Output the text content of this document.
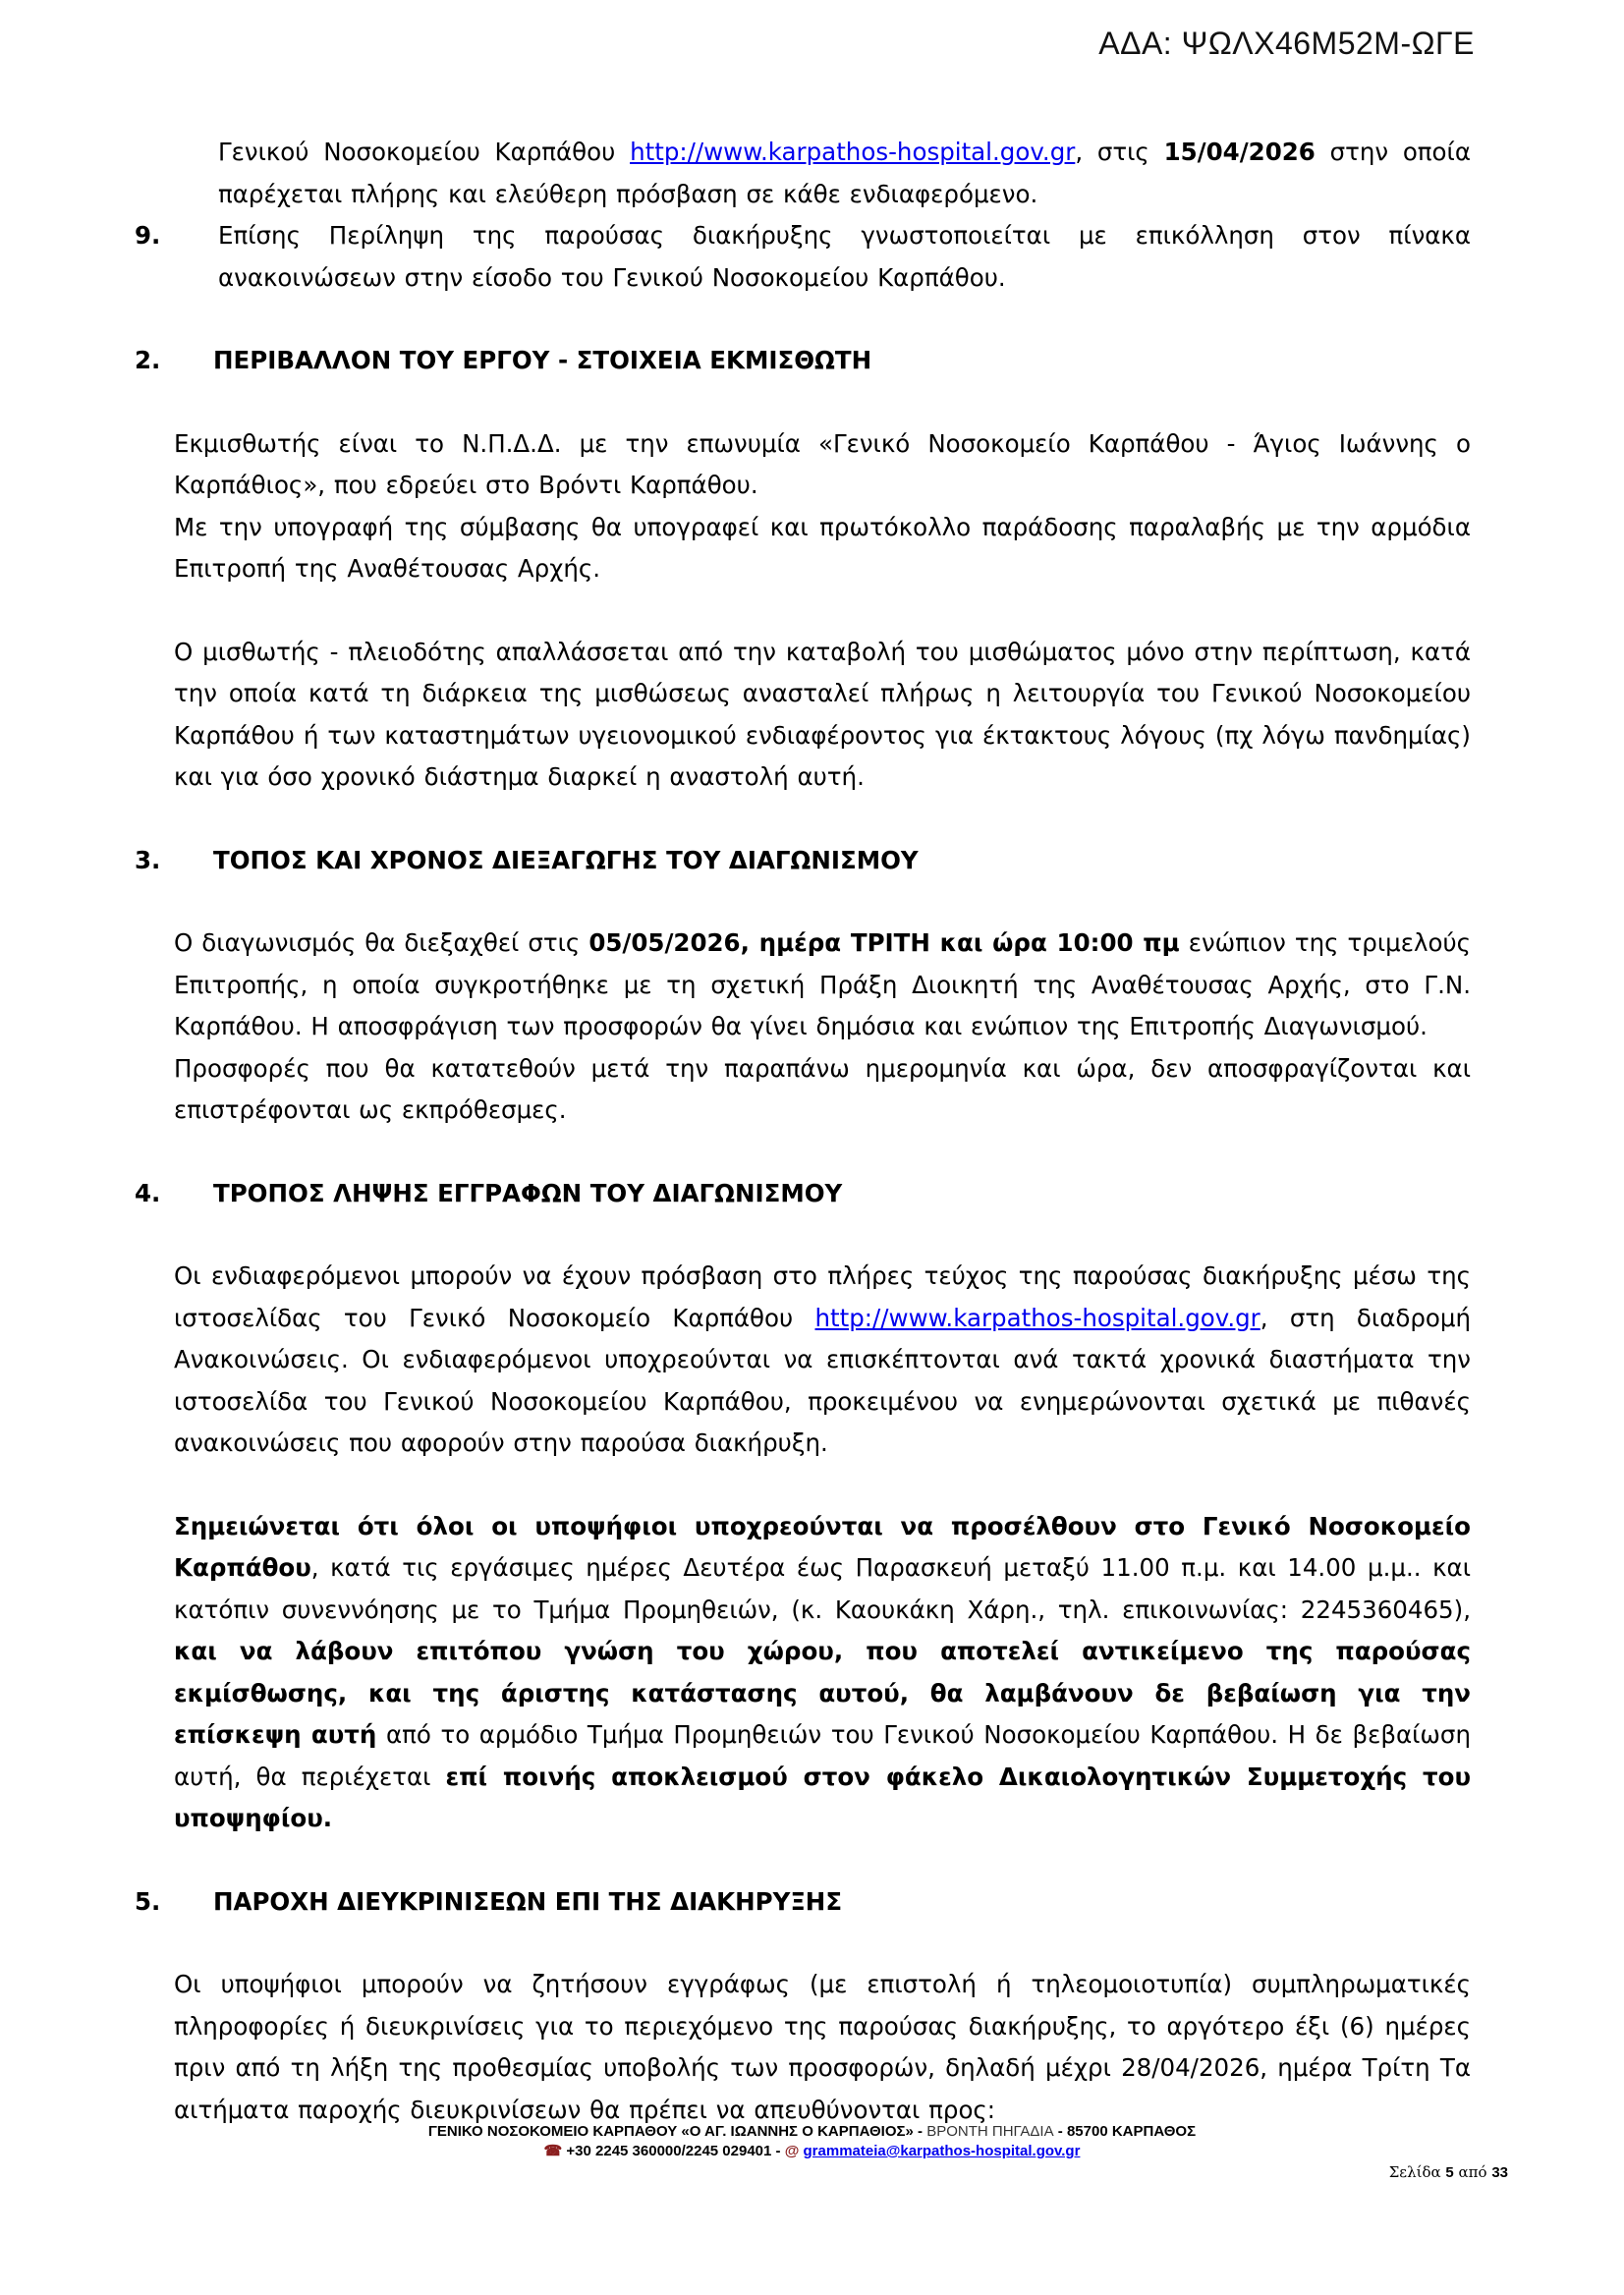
ΑΔΑ: ΨΩΛΧ46Μ52Μ-ΩΓΕ

Γενικού Νοσοκομείου Καρπάθου http://www.karpathos-hospital.gov.gr, στις 15/04/2026 στην οποία παρέχεται πλήρης και ελεύθερη πρόσβαση σε κάθε ενδιαφερόμενο.

9. Επίσης Περίληψη της παρούσας διακήρυξης γνωστοποιείται με επικόλληση στον πίνακα ανακοινώσεων στην είσοδο του Γενικού Νοσοκομείου Καρπάθου.

2. ΠΕΡΙΒΑΛΛΟΝ ΤΟΥ ΕΡΓΟΥ - ΣΤΟΙΧΕΙΑ ΕΚΜΙΣΘΩΤΗ

Εκμισθωτής είναι το Ν.Π.Δ.Δ. με την επωνυμία «Γενικό Νοσοκομείο Καρπάθου - Άγιος Ιωάννης ο Καρπάθιος», που εδρεύει στο Βρόντι Καρπάθου.

Με την υπογραφή της σύμβασης θα υπογραφεί και πρωτόκολλο παράδοσης παραλαβής με την αρμόδια Επιτροπή της Αναθέτουσας Αρχής.

Ο μισθωτής - πλειοδότης απαλλάσσεται από την καταβολή του μισθώματος μόνο στην περίπτωση, κατά την οποία κατά τη διάρκεια της μισθώσεως ανασταλεί πλήρως η λειτουργία του Γενικού Νοσοκομείου Καρπάθου ή των καταστημάτων υγειονομικού ενδιαφέροντος για έκτακτους λόγους (πχ λόγω πανδημίας) και για όσο χρονικό διάστημα διαρκεί η αναστολή αυτή.

3. ΤΟΠΟΣ ΚΑΙ ΧΡΟΝΟΣ ΔΙΕΞΑΓΩΓΗΣ ΤΟΥ ΔΙΑΓΩΝΙΣΜΟΥ

Ο διαγωνισμός θα διεξαχθεί στις 05/05/2026, ημέρα ΤΡΙΤΗ και ώρα 10:00 πμ ενώπιον της τριμελούς Επιτροπής, η οποία συγκροτήθηκε με τη σχετική Πράξη Διοικητή της Αναθέτουσας Αρχής, στο Γ.Ν. Καρπάθου. Η αποσφράγιση των προσφορών θα γίνει δημόσια και ενώπιον της Επιτροπής Διαγωνισμού.

Προσφορές που θα κατατεθούν μετά την παραπάνω ημερομηνία και ώρα, δεν αποσφραγίζονται και επιστρέφονται ως εκπρόθεσμες.

4. ΤΡΟΠΟΣ ΛΗΨΗΣ ΕΓΓΡΑΦΩΝ ΤΟΥ ΔΙΑΓΩΝΙΣΜΟΥ

Οι ενδιαφερόμενοι μπορούν να έχουν πρόσβαση στο πλήρες τεύχος της παρούσας διακήρυξης μέσω της ιστοσελίδας του Γενικό Νοσοκομείο Καρπάθου http://www.karpathos-hospital.gov.gr, στη διαδρομή Ανακοινώσεις. Οι ενδιαφερόμενοι υποχρεούνται να επισκέπτονται ανά τακτά χρονικά διαστήματα την ιστοσελίδα του Γενικού Νοσοκομείου Καρπάθου, προκειμένου να ενημερώνονται σχετικά με πιθανές ανακοινώσεις που αφορούν στην παρούσα διακήρυξη.

Σημειώνεται ότι όλοι οι υποψήφιοι υποχρεούνται να προσέλθουν στο Γενικό Νοσοκομείο Καρπάθου, κατά τις εργάσιμες ημέρες Δευτέρα έως Παρασκευή μεταξύ 11.00 π.μ. και 14.00 μ.μ.. και κατόπιν συνεννόησης με το Τμήμα Προμηθειών, (κ. Καουκάκη Χάρη., τηλ. επικοινωνίας: 2245360465), και να λάβουν επιτόπου γνώση του χώρου, που αποτελεί αντικείμενο της παρούσας εκμίσθωσης, και της άριστης κατάστασης αυτού, θα λαμβάνουν δε βεβαίωση για την επίσκεψη αυτή από το αρμόδιο Τμήμα Προμηθειών του Γενικού Νοσοκομείου Καρπάθου. Η δε βεβαίωση αυτή, θα περιέχεται επί ποινής αποκλεισμού στον φάκελο Δικαιολογητικών Συμμετοχής του υποψηφίου.

5. ΠΑΡΟΧΗ ΔΙΕΥΚΡΙΝΙΣΕΩΝ ΕΠΙ ΤΗΣ ΔΙΑΚΗΡΥΞΗΣ

Οι υποψήφιοι μπορούν να ζητήσουν εγγράφως (με επιστολή ή τηλεομοιοτυπία) συμπληρωματικές πληροφορίες ή διευκρινίσεις για το περιεχόμενο της παρούσας διακήρυξης, το αργότερο έξι (6) ημέρες πριν από τη λήξη της προθεσμίας υποβολής των προσφορών, δηλαδή μέχρι 28/04/2026, ημέρα Τρίτη Τα αιτήματα παροχής διευκρινίσεων θα πρέπει να απευθύνονται προς:

ΓΕΝΙΚΟ ΝΟΣΟΚΟΜΕΙΟ ΚΑΡΠΑΘΟΥ «Ο ΑΓ. ΙΩΑΝΝΗΣ Ο ΚΑΡΠΑΘΙΟΣ» - ΒΡΟΝΤΗ ΠΗΓΑΔΙΑ - 85700 ΚΑΡΠΑΘΟΣ
☎ +30 2245 360000/2245 029401 - @ grammateia@karpathos-hospital.gov.gr
Σελίδα 5 από 33
